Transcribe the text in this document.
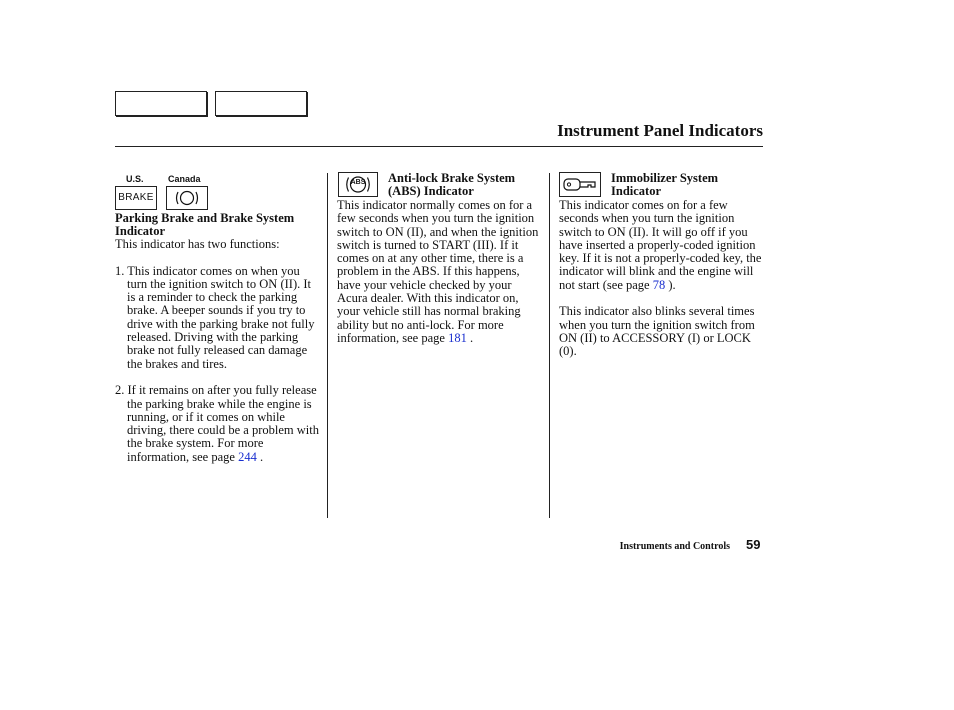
Instrument Panel Indicators
U.S.	Canada
BRAKE
Parking Brake and Brake System
Indicator

This indicator has two functions:

1. This indicator comes on when you turn the ignition switch to ON (II). It is a reminder to check the parking brake. A beeper sounds if you try to drive with the parking brake not fully released. Driving with the parking brake not fully released can damage the brakes and tires.

2. If it remains on after you fully release the parking brake while the engine is running, or if it comes on while driving, there could be a problem with the brake system. For more information, see page 244 .

ABS	Anti-lock Brake System
(ABS) Indicator

This indicator normally comes on for a few seconds when you turn the ignition switch to ON (II), and when the ignition switch is turned to START (III). If it comes on at any other time, there is a problem in the ABS. If this happens, have your vehicle checked by your Acura dealer. With this indicator on, your vehicle still has normal braking ability but no anti-lock. For more information, see page 181 .

Immobilizer System
Indicator

This indicator comes on for a few seconds when you turn the ignition switch to ON (II). It will go off if you have inserted a properly-coded ignition key. If it is not a properly-coded key, the indicator will blink and the engine will not start (see page 78 ).

This indicator also blinks several times when you turn the ignition switch from ON (II) to ACCESSORY (I) or LOCK (0).

Instruments and Controls 59
